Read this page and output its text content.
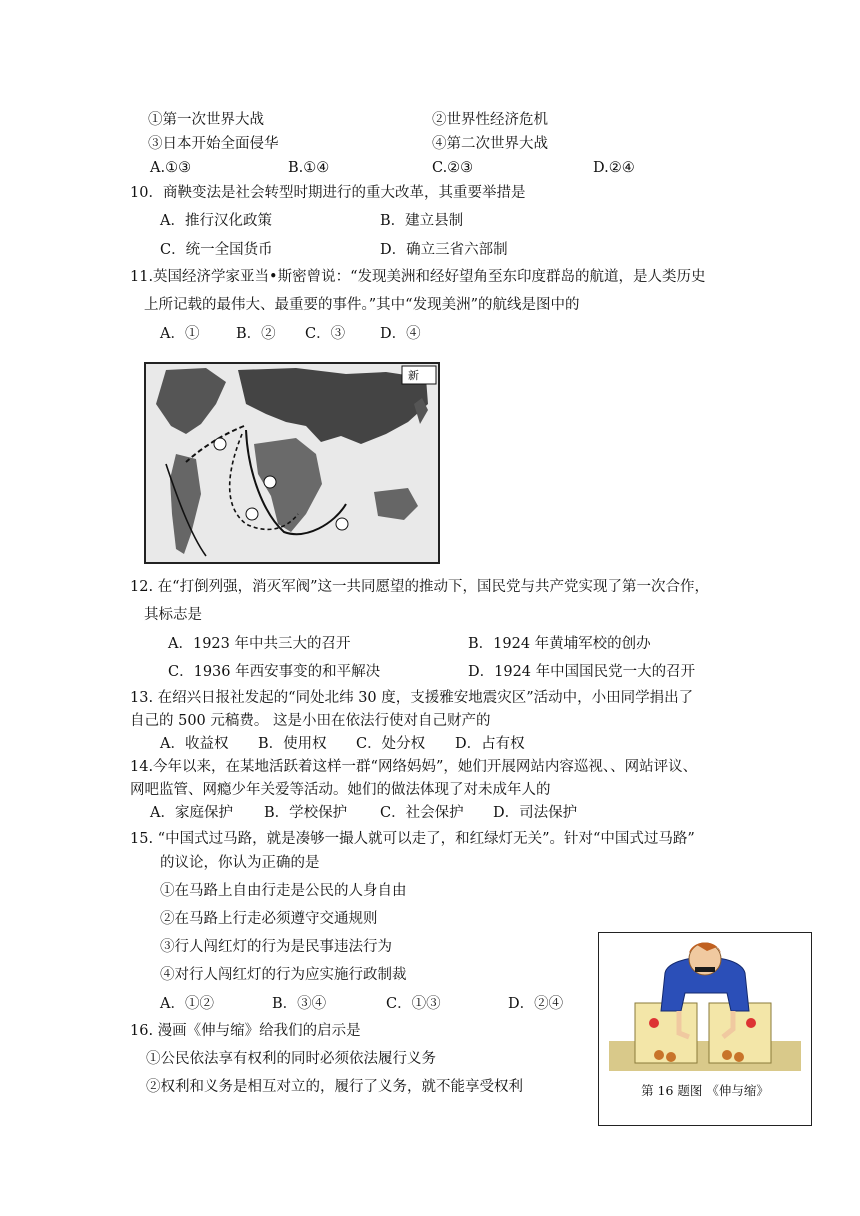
①第一次世界大战	②世界性经济危机
③日本开始全面侵华	④第二次世界大战
A.①③	B.①④	C.②③	D.②④
10．商鞅变法是社会转型时期进行的重大改革，其重要举措是
A．推行汉化政策	B．建立县制
C．统一全国货币	D．确立三省六部制
11.英国经济学家亚当•斯密曾说：“发现美洲和经好望角至东印度群岛的航道，是人类历史
上所记载的最伟大、最重要的事件。”其中“发现美洲”的航线是图中的
A．①	B．② C．③ D．④
新
12. 在“打倒列强，消灭军阀”这一共同愿望的推动下，国民党与共产党实现了第一次合作，
其标志是
A．1923 年中共三大的召开	B．1924 年黄埔军校的创办
C．1936 年西安事变的和平解决	D．1924 年中国国民党一大的召开
13. 在绍兴日报社发起的“同处北纬 30 度，支援雅安地震灾区”活动中，小田同学捐出了
自己的 500 元稿费。 这是小田在依法行使对自己财产的
A．收益权 B．使用权 C．处分权 D．占有权
14.今年以来，在某地活跃着这样一群“网络妈妈”，她们开展网站内容巡视、、网站评议、
网吧监管、网瘾少年关爱等活动。她们的做法体现了对未成年人的
A．家庭保护 B．学校保护 C．社会保护 D．司法保护
15. “中国式过马路，就是凑够一撮人就可以走了，和红绿灯无关”。针对“中国式过马路”
的议论，你认为正确的是
①在马路上自由行走是公民的人身自由
②在马路上行走必须遵守交通规则
③行人闯红灯的行为是民事违法行为
④对行人闯红灯的行为应实施行政制裁
A．①②	B．③④	C．①③	D．②④
16. 漫画《伸与缩》给我们的启示是
①公民依法享有权利的同时必须依法履行义务
②权利和义务是相互对立的，履行了义务，就不能享受权利	第 16 题图 《伸与缩》
